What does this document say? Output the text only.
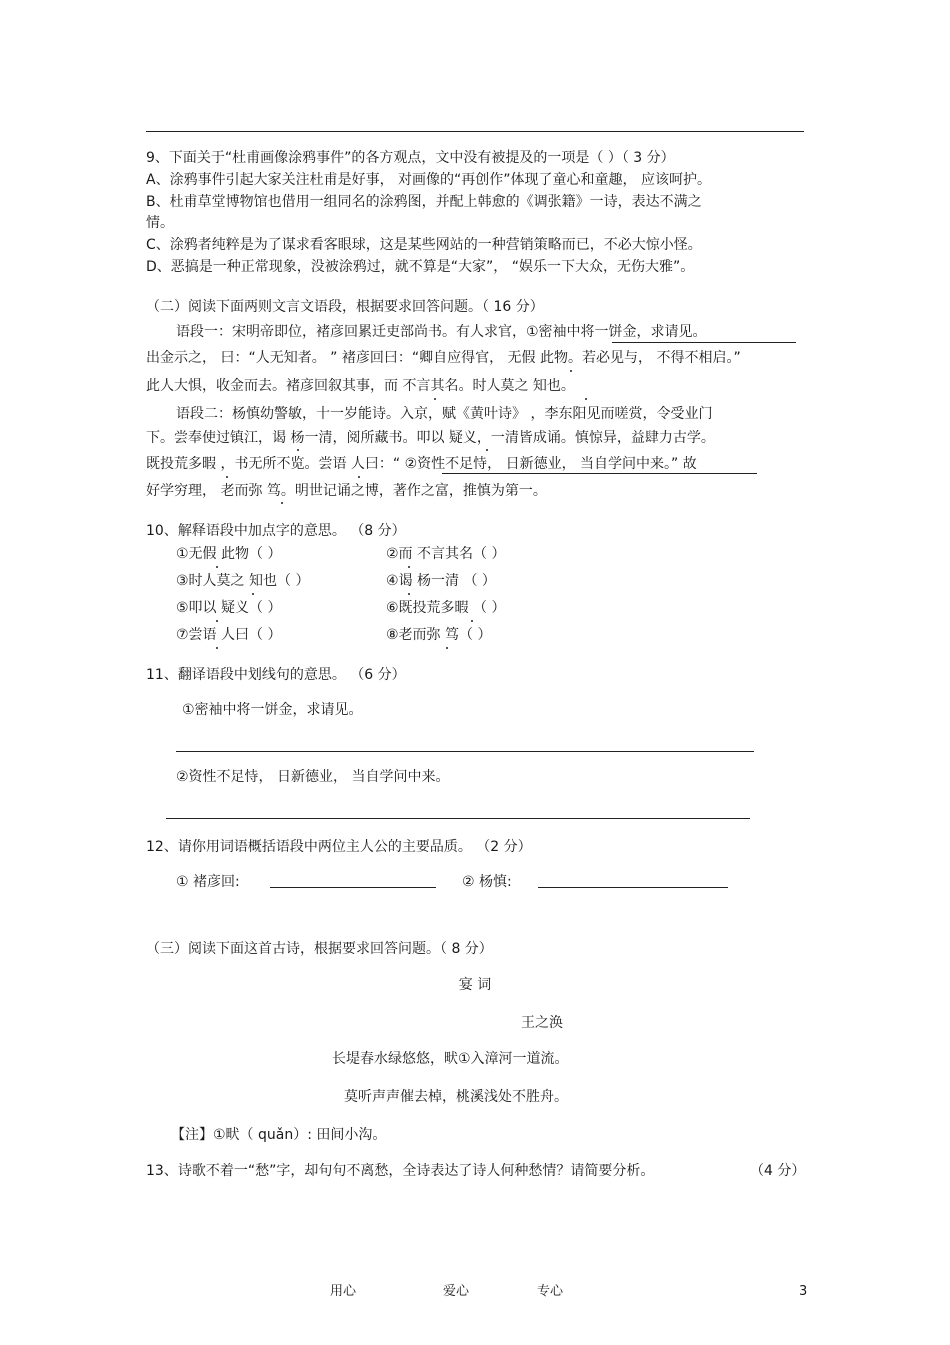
9、下面关于“杜甫画像涂鸦事件”的各方观点，文中没有被提及的一项是（ ）（ 3 分）
A、涂鸦事件引起大家关注杜甫是好事， 对画像的“再创作”体现了童心和童趣， 应该呵护。
B、杜甫草堂博物馆也借用一组同名的涂鸦图，并配上韩愈的《调张籍》一诗，表达不满之
情。
C、涂鸦者纯粹是为了谋求看客眼球，这是某些网站的一种营销策略而已，不必大惊小怪。
D、恶搞是一种正常现象，没被涂鸦过，就不算是“大家”， “娱乐一下大众，无伤大雅”。
（二）阅读下面两则文言文语段，根据要求回答问题。（ 16 分）
语段一：宋明帝即位，褚彦回累迁吏部尚书。有人求官，①密袖中将一饼金，求请见。
出金示之， 曰：“人无知者。 ” 褚彦回曰：“卿自应得官， 无假 此物。若必见与， 不得不相启。”
此人大惧，收金而去。褚彦回叙其事，而 不言其名。时人莫之 知也。
语段二：杨慎幼警敏，十一岁能诗。入京，赋《黄叶诗》 ，李东阳见而嗟赏，令受业门
下。尝奉使过镇江，谒 杨一清，阅所藏书。叩以 疑义，一清皆成诵。慎惊异，益肆力古学。
既投荒多暇 ，书无所不览。尝语 人曰：“ ②资性不足恃， 日新德业， 当自学问中来。” 故
好学穷理， 老而弥 笃。明世记诵之博，著作之富，推慎为第一。
10、解释语段中加点字的意思。 （8 分）
①无假 此物（ ）	②而 不言其名（ ）
③时人莫之 知也（ ）	④谒 杨一清 （ ）
⑤叩以 疑义（ ）	⑥既投荒多暇 （ ）
⑦尝语 人曰（ ）	⑧老而弥 笃（ ）
11、翻译语段中划线句的意思。 （6 分）
①密袖中将一饼金，求请见。
②资性不足恃， 日新德业， 当自学问中来。
12、请你用词语概括语段中两位主人公的主要品质。 （2 分）
① 褚彦回:	② 杨慎:
（三）阅读下面这首古诗，根据要求回答问题。（ 8 分）
宴 词
王之涣
长堤春水绿悠悠，畎①入漳河一道流。
莫听声声催去棹，桃溪浅处不胜舟。
【注】①畎（ quǎn）: 田间小沟。
13、诗歌不着一“愁”字，却句句不离愁，全诗表达了诗人何种愁情？请简要分析。	（4 分）
用心	爱心	专心	3
